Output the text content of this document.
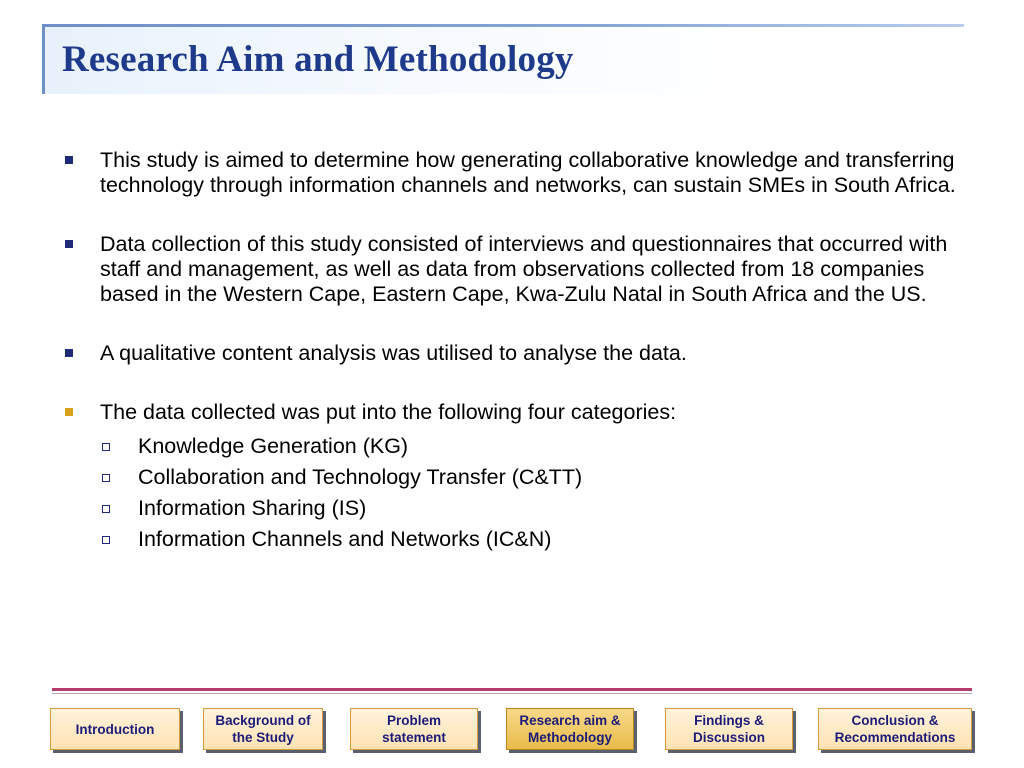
Research Aim and Methodology
This study is aimed to determine how generating collaborative knowledge and transferring technology through information channels and networks, can sustain SMEs in South Africa.
Data collection of this study consisted of interviews and questionnaires that occurred with staff and management, as well as data from observations collected from 18 companies based in the Western Cape, Eastern Cape, Kwa-Zulu Natal in South Africa and the US.
A qualitative content analysis was utilised to analyse the data.
The data collected was put into the following four categories:
Knowledge Generation (KG)
Collaboration and Technology Transfer (C&TT)
Information Sharing (IS)
Information Channels and Networks (IC&N)
Introduction
Background of
the Study
Problem
statement
Research aim &
Methodology
Findings &
Discussion
Conclusion &
Recommendations
